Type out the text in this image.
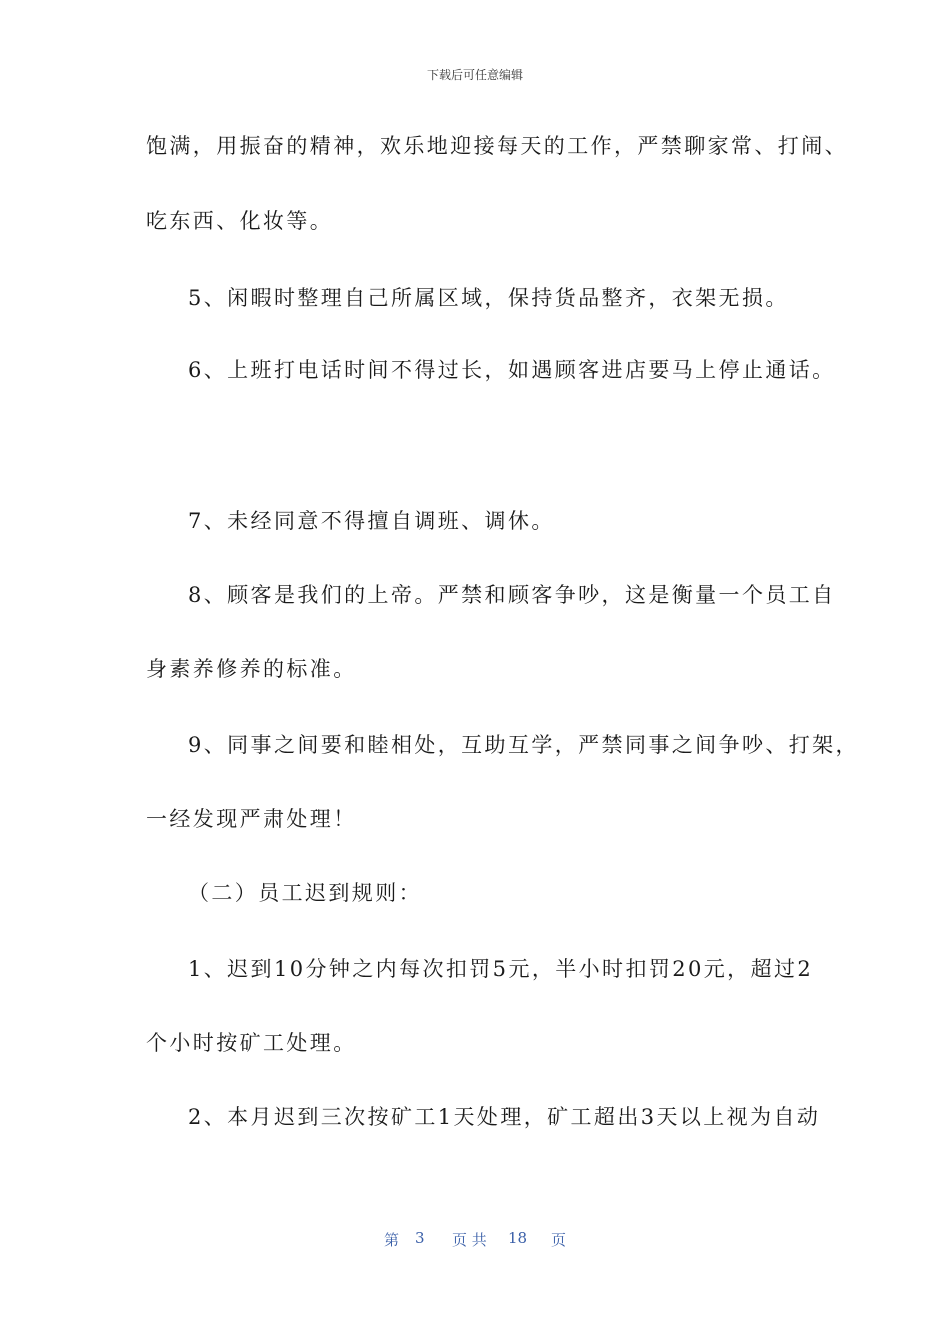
下载后可任意编辑
饱满，用振奋的精神，欢乐地迎接每天的工作，严禁聊家常、打闹、
吃东西、化妆等。
5、闲暇时整理自己所属区域，保持货品整齐，衣架无损。
6、上班打电话时间不得过长，如遇顾客进店要马上停止通话。
7、未经同意不得擅自调班、调休。
8、顾客是我们的上帝。严禁和顾客争吵，这是衡量一个员工自
身素养修养的标准。
9、同事之间要和睦相处，互助互学，严禁同事之间争吵、打架，
一经发现严肃处理！
（二）员工迟到规则：
1、迟到10分钟之内每次扣罚5元，半小时扣罚20元，超过2
个小时按矿工处理。
2、本月迟到三次按矿工1天处理，矿工超出3天以上视为自动
第 3 页 共 18 页
